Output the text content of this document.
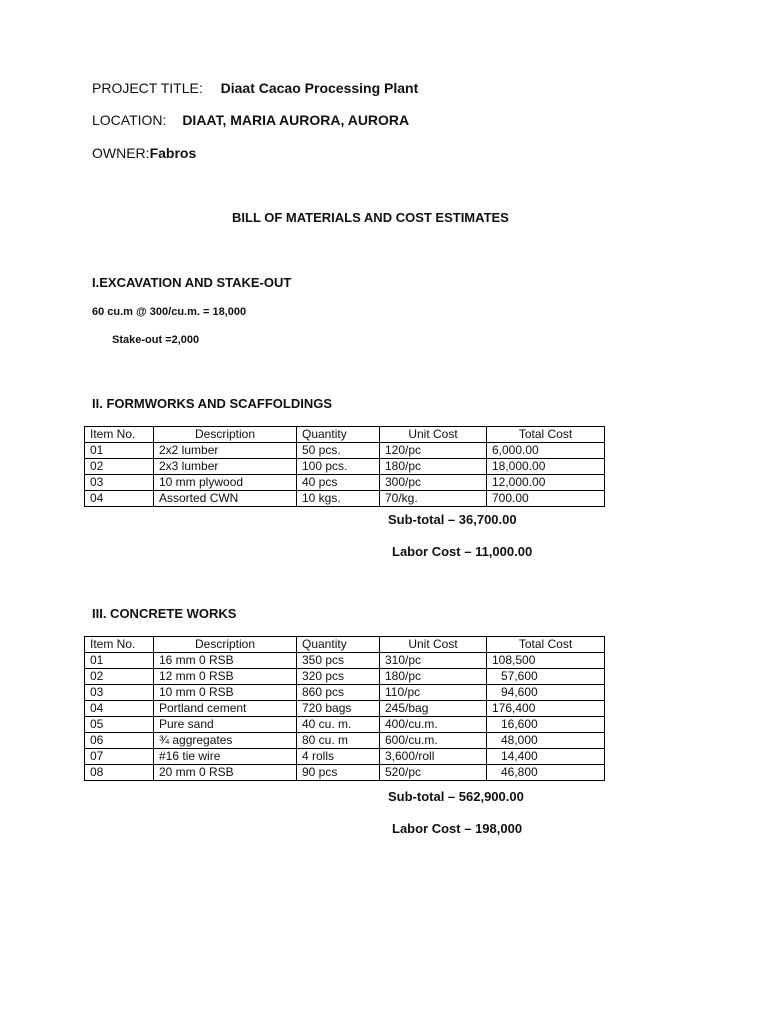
PROJECT TITLE: Diaat Cacao Processing Plant
LOCATION: DIAAT, MARIA AURORA, AURORA
OWNER:Fabros
BILL OF MATERIALS AND COST ESTIMATES
I.EXCAVATION AND STAKE-OUT
60 cu.m @ 300/cu.m. = 18,000
Stake-out =2,000
II. FORMWORKS AND SCAFFOLDINGS
Item No.	Description	Quantity	Unit Cost	Total Cost
01	2x2 lumber	50 pcs.	120/pc	6,000.00
02	2x3 lumber	100 pcs.	180/pc	18,000.00
03	10 mm plywood	40 pcs	300/pc	12,000.00
04	Assorted CWN	10 kgs.	70/kg.	700.00
Sub-total – 36,700.00
Labor Cost – 11,000.00
III. CONCRETE WORKS
Item No.	Description	Quantity	Unit Cost	Total Cost
01	16 mm 0 RSB	350 pcs	310/pc	108,500
02	12 mm 0 RSB	320 pcs	180/pc	57,600
03	10 mm 0 RSB	860 pcs	110/pc	94,600
04	Portland cement	720 bags	245/bag	176,400
05	Pure sand	40 cu. m.	400/cu.m.	16,600
06	¾ aggregates	80 cu. m	600/cu.m.	48,000
07	#16 tie wire	4 rolls	3,600/roll	14,400
08	20 mm 0 RSB	90 pcs	520/pc	46,800
Sub-total – 562,900.00
Labor Cost – 198,000
